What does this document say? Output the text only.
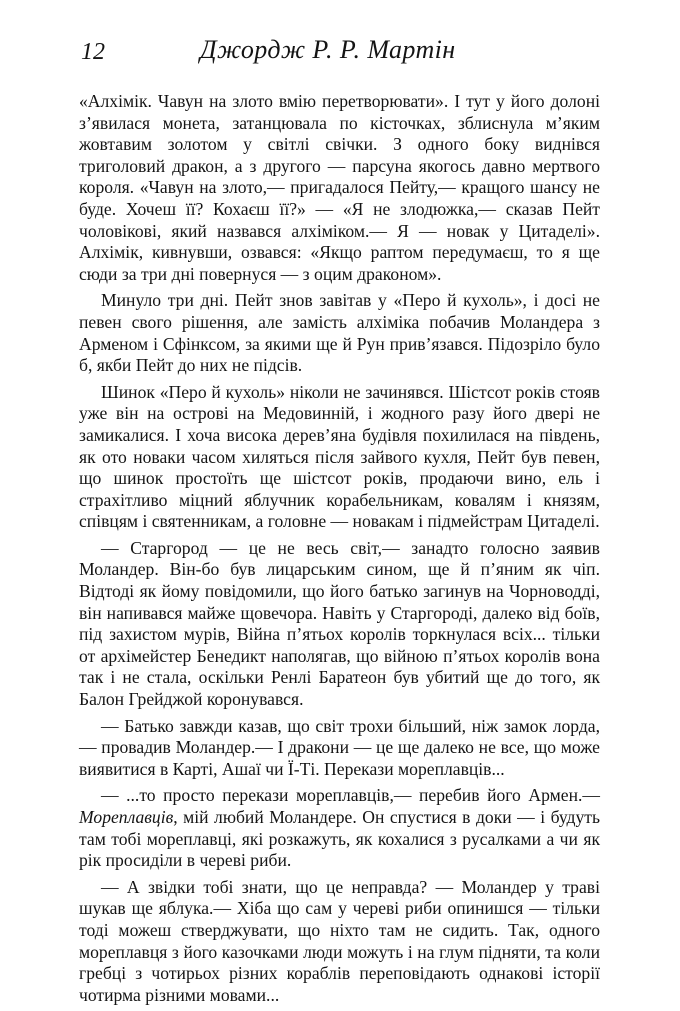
12	Джордж Р. Р. Мартін

«Алхімік. Чавун на злото вмію перетворювати». І тут у його долоні з’явилася монета, затанцювала по кісточках, зблиснула м’яким жовтавим золотом у світлі свічки. З одного боку виднівся триголовий дракон, а з другого — парсуна якогось давно мертвого короля. «Чавун на злото,— пригадалося Пейту,— кращого шансу не буде. Хочеш її? Кохаєш її?» — «Я не злодюжка,— сказав Пейт чоловікові, який назвався алхіміком.— Я — новак у Цитаделі». Алхімік, кивнувши, озвався: «Якщо раптом передумаєш, то я ще сюди за три дні повернуся — з оцим драконом».

Минуло три дні. Пейт знов завітав у «Перо й кухоль», і досі не певен свого рішення, але замість алхіміка побачив Моландера з Арменом і Сфінксом, за якими ще й Рун прив’язався. Підозріло було б, якби Пейт до них не підсів.

Шинок «Перо й кухоль» ніколи не зачинявся. Шістсот років стояв уже він на острові на Медовинній, і жодного разу його двері не замикалися. І хоча висока дерев’яна будівля похилилася на південь, як ото новаки часом хиляться після зайвого кухля, Пейт був певен, що шинок простоїть ще шістсот років, продаючи вино, ель і страхітливо міцний яблучник корабельникам, ковалям і князям, співцям і святенникам, а головне — новакам і підмейстрам Цитаделі.

— Старгород — це не весь світ,— занадто голосно заявив Моландер. Він-бо був лицарським сином, ще й п’яним як чіп. Відтоді як йому повідомили, що його батько загинув на Чорноводді, він напивався майже щовечора. Навіть у Старгороді, далеко від боїв, під захистом мурів, Війна п’ятьох королів торкнулася всіх... тільки от архімейстер Бенедикт наполягав, що війною п’ятьох королів вона так і не стала, оскільки Ренлі Баратеон був убитий ще до того, як Балон Грейджой коронувався.

— Батько завжди казав, що світ трохи більший, ніж замок лорда,— провадив Моландер.— І дракони — це ще далеко не все, що може виявитися в Карті, Ашаї чи Ї-Ті. Перекази мореплавців...

— ...то просто перекази мореплавців,— перебив його Армен.— Мореплавців, мій любий Моландере. Он спустися в доки — і будуть там тобі мореплавці, які розкажуть, як кохалися з русалками а чи як рік просиділи в череві риби.

— А звідки тобі знати, що це неправда? — Моландер у траві шукав ще яблука.— Хіба що сам у череві риби опинишся — тільки тоді можеш стверджувати, що ніхто там не сидить. Так, одного мореплавця з його казочками люди можуть і на глум підняти, та коли гребці з чотирьох різних кораблів переповідають однакові історії чотирма різними мовами...
